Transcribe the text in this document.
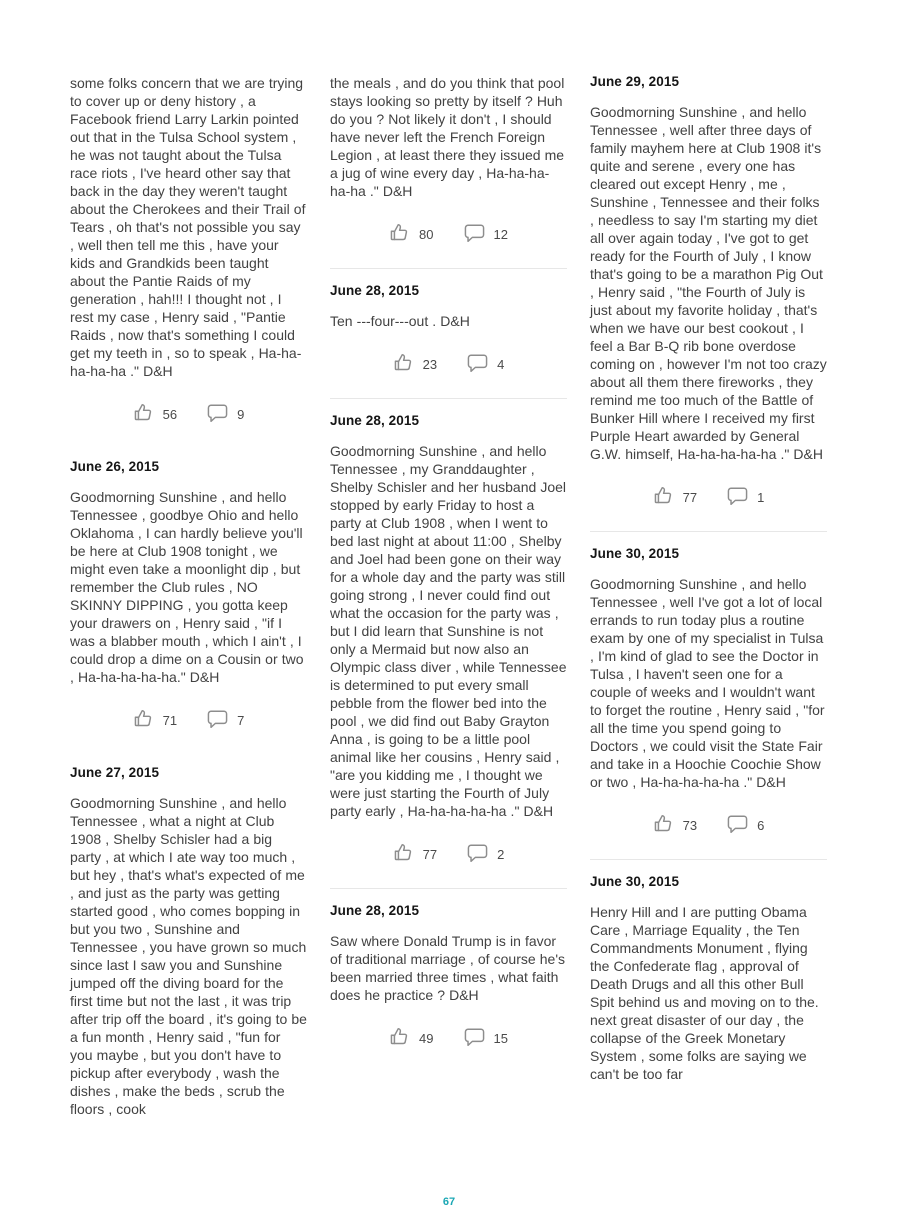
some folks concern that we are trying to cover up or deny history , a Facebook friend Larry Larkin pointed out that in the Tulsa School system , he was not taught about the Tulsa race riots , I've heard other say that back in the day they weren't taught about the Cherokees and their Trail of Tears , oh that's not possible you say , well then tell me this , have your kids and Grandkids been taught about the Pantie Raids of my generation , hah!!! I thought not , I rest my case , Henry said , "Pantie Raids , now that's something I could get my teeth in , so to speak , Ha-ha-ha-ha-ha ." D&H

56	9
June 26, 2015

Goodmorning Sunshine , and hello Tennessee , goodbye Ohio and hello Oklahoma , I can hardly believe you'll be here at Club 1908 tonight , we might even take a moonlight dip , but remember the Club rules , NO SKINNY DIPPING , you gotta keep your drawers on , Henry said , "if I was a blabber mouth , which I ain't , I could drop a dime on a Cousin or two , Ha-ha-ha-ha-ha." D&H

71	7
June 27, 2015

Goodmorning Sunshine , and hello Tennessee , what a night at Club 1908 , Shelby Schisler had a big party , at which I ate way too much , but hey , that's what's expected of me , and just as the party was getting started good , who comes bopping in but you two , Sunshine and Tennessee , you have grown so much since last I saw you and Sunshine jumped off the diving board for the first time but not the last , it was trip after trip off the board , it's going to be a fun month , Henry said , "fun for you maybe , but you don't have to pickup after everybody , wash the dishes , make the beds , scrub the floors , cook

the meals , and do you think that pool stays looking so pretty by itself ? Huh do you ? Not likely it don't , I should have never left the French Foreign Legion , at least there they issued me a jug of wine every day , Ha-ha-ha-ha-ha ." D&H

80	12
June 28, 2015

Ten ---four---out . D&H

23	4
June 28, 2015

Goodmorning Sunshine , and hello Tennessee , my Granddaughter , Shelby Schisler and her husband Joel stopped by early Friday to host a party at Club 1908 , when I went to bed last night at about 11:00 , Shelby and Joel had been gone on their way for a whole day and the party was still going strong , I never could find out what the occasion for the party was , but I did learn that Sunshine is not only a Mermaid but now also an Olympic class diver , while Tennessee is determined to put every small pebble from the flower bed into the pool , we did find out Baby Grayton Anna , is going to be a little pool animal like her cousins , Henry said , "are you kidding me , I thought we were just starting the Fourth of July party early , Ha-ha-ha-ha-ha ." D&H

77	2
June 28, 2015

Saw where Donald Trump is in favor of traditional marriage , of course he's been married three times , what faith does he practice ? D&H

49	15
June 29, 2015

Goodmorning Sunshine , and hello Tennessee , well after three days of family mayhem here at Club 1908 it's quite and serene , every one has cleared out except Henry , me , Sunshine , Tennessee and their folks , needless to say I'm starting my diet all over again today , I've got to get ready for the Fourth of July , I know that's going to be a marathon Pig Out , Henry said , "the Fourth of July is just about my favorite holiday , that's when we have our best cookout , I feel a Bar B-Q rib bone overdose coming on , however I'm not too crazy about all them there fireworks , they remind me too much of the Battle of Bunker Hill where I received my first Purple Heart awarded by General G.W. himself, Ha-ha-ha-ha-ha ." D&H

77	1
June 30, 2015

Goodmorning Sunshine , and hello Tennessee , well I've got a lot of local errands to run today plus a routine exam by one of my specialist in Tulsa , I'm kind of glad to see the Doctor in Tulsa , I haven't seen one for a couple of weeks and I wouldn't want to forget the routine , Henry said , "for all the time you spend going to Doctors , we could visit the State Fair and take in a Hoochie Coochie Show or two , Ha-ha-ha-ha-ha ." D&H

73	6
June 30, 2015

Henry Hill and I are putting Obama Care , Marriage Equality , the Ten Commandments Monument , flying the Confederate flag , approval of Death Drugs and all this other Bull Spit behind us and moving on to the. next great disaster of our day , the collapse of the Greek Monetary System , some folks are saying we can't be too far

67
